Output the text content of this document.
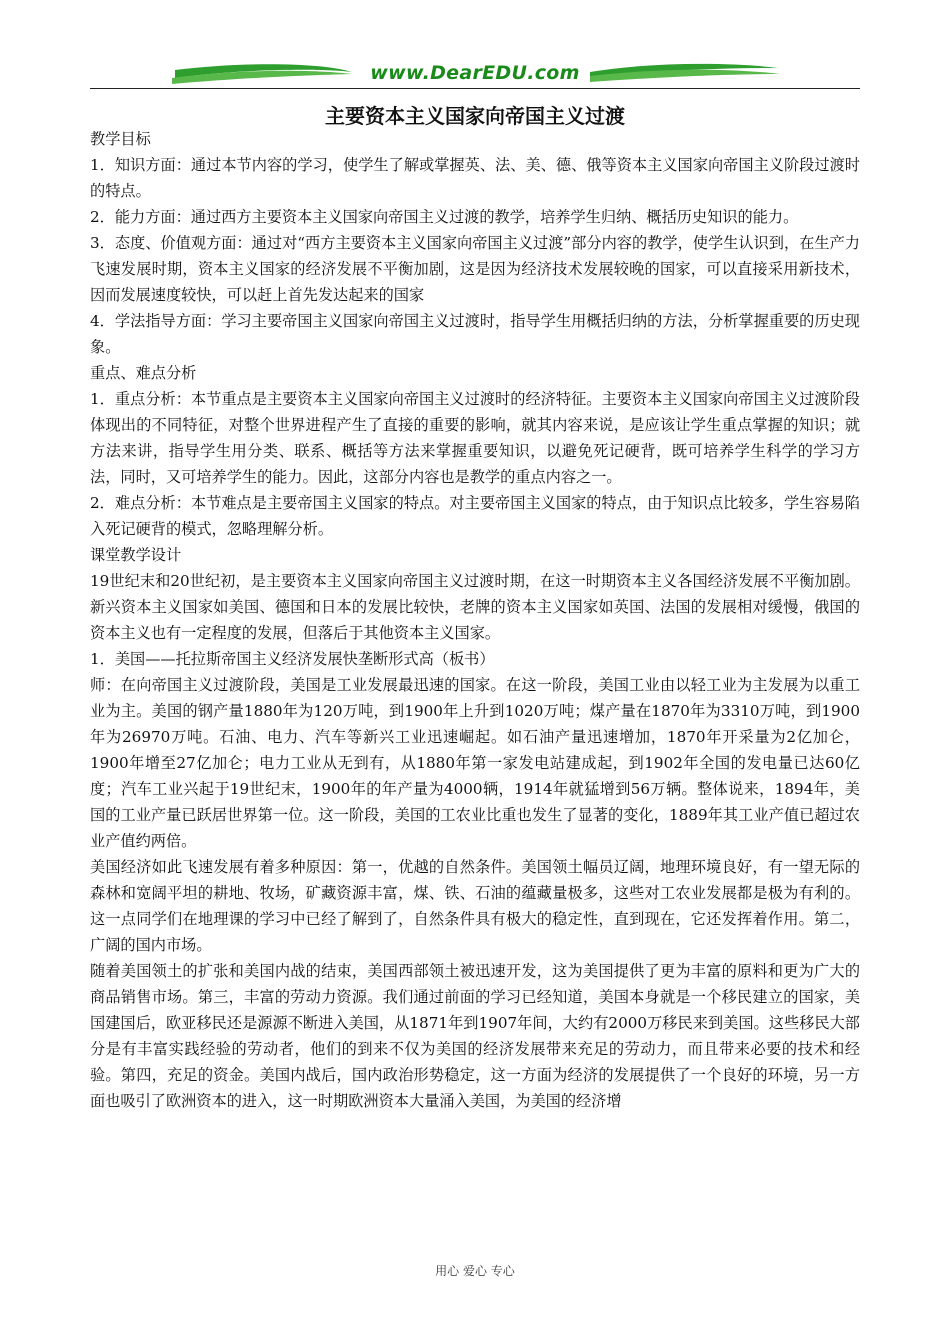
www.DearEDU.com
主要资本主义国家向帝国主义过渡

教学目标

1．知识方面：通过本节内容的学习，使学生了解或掌握英、法、美、德、俄等资本主义国家向帝国主义阶段过渡时的特点。

2．能力方面：通过西方主要资本主义国家向帝国主义过渡的教学，培养学生归纳、概括历史知识的能力。

3．态度、价值观方面：通过对“西方主要资本主义国家向帝国主义过渡”部分内容的教学，使学生认识到，在生产力飞速发展时期，资本主义国家的经济发展不平衡加剧，这是因为经济技术发展较晚的国家，可以直接采用新技术，因而发展速度较快，可以赶上首先发达起来的国家

4．学法指导方面：学习主要帝国主义国家向帝国主义过渡时，指导学生用概括归纳的方法，分析掌握重要的历史现象。

重点、难点分析

1．重点分析：本节重点是主要资本主义国家向帝国主义过渡时的经济特征。主要资本主义国家向帝国主义过渡阶段体现出的不同特征，对整个世界进程产生了直接的重要的影响，就其内容来说，是应该让学生重点掌握的知识；就方法来讲，指导学生用分类、联系、概括等方法来掌握重要知识，以避免死记硬背，既可培养学生科学的学习方法，同时，又可培养学生的能力。因此，这部分内容也是教学的重点内容之一。

2．难点分析：本节难点是主要帝国主义国家的特点。对主要帝国主义国家的特点，由于知识点比较多，学生容易陷入死记硬背的模式，忽略理解分析。

课堂教学设计

19世纪末和20世纪初，是主要资本主义国家向帝国主义过渡时期，在这一时期资本主义各国经济发展不平衡加剧。新兴资本主义国家如美国、德国和日本的发展比较快，老牌的资本主义国家如英国、法国的发展相对缓慢，俄国的资本主义也有一定程度的发展，但落后于其他资本主义国家。

1．美国——托拉斯帝国主义经济发展快垄断形式高（板书）

师：在向帝国主义过渡阶段，美国是工业发展最迅速的国家。在这一阶段，美国工业由以轻工业为主发展为以重工业为主。美国的钢产量1880年为120万吨，到1900年上升到1020万吨；煤产量在1870年为3310万吨，到1900年为26970万吨。石油、电力、汽车等新兴工业迅速崛起。如石油产量迅速增加，1870年开采量为2亿加仑，1900年增至27亿加仑；电力工业从无到有，从1880年第一家发电站建成起，到1902年全国的发电量已达60亿度；汽车工业兴起于19世纪末，1900年的年产量为4000辆，1914年就猛增到56万辆。整体说来，1894年，美国的工业产量已跃居世界第一位。这一阶段，美国的工农业比重也发生了显著的变化，1889年其工业产值已超过农业产值约两倍。

美国经济如此飞速发展有着多种原因：第一，优越的自然条件。美国领土幅员辽阔，地理环境良好，有一望无际的森林和宽阔平坦的耕地、牧场，矿藏资源丰富，煤、铁、石油的蕴藏量极多，这些对工农业发展都是极为有利的。这一点同学们在地理课的学习中已经了解到了，自然条件具有极大的稳定性，直到现在，它还发挥着作用。第二，广阔的国内市场。

随着美国领土的扩张和美国内战的结束，美国西部领土被迅速开发，这为美国提供了更为丰富的原料和更为广大的商品销售市场。第三，丰富的劳动力资源。我们通过前面的学习已经知道，美国本身就是一个移民建立的国家，美国建国后，欧亚移民还是源源不断进入美国，从1871年到1907年间，大约有2000万移民来到美国。这些移民大部分是有丰富实践经验的劳动者，他们的到来不仅为美国的经济发展带来充足的劳动力，而且带来必要的技术和经验。第四，充足的资金。美国内战后，国内政治形势稳定，这一方面为经济的发展提供了一个良好的环境，另一方面也吸引了欧洲资本的进入，这一时期欧洲资本大量涌入美国，为美国的经济增

用心 爱心 专心
